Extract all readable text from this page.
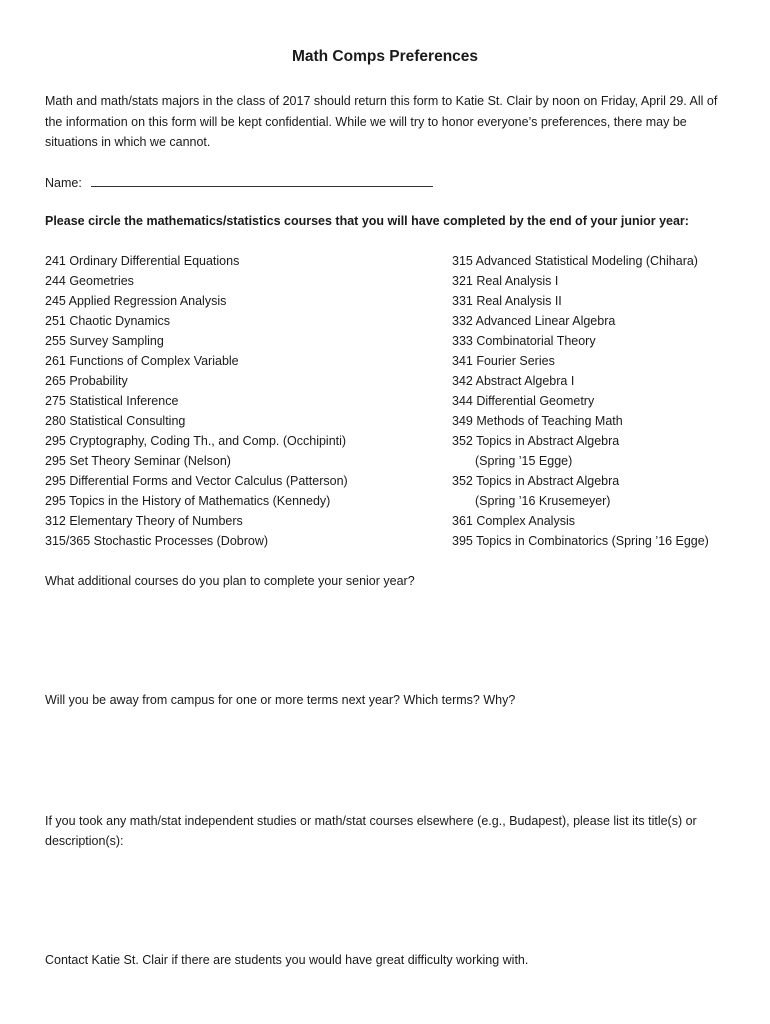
Math Comps Preferences
Math and math/stats majors in the class of 2017 should return this form to Katie St. Clair by noon on Friday, April 29. All of the information on this form will be kept confidential. While we will try to honor everyone’s preferences, there may be situations in which we cannot.
Name:
Please circle the mathematics/statistics courses that you will have completed by the end of your junior year:
241 Ordinary Differential Equations
244 Geometries
245 Applied Regression Analysis
251 Chaotic Dynamics
255 Survey Sampling
261 Functions of Complex Variable
265 Probability
275 Statistical Inference
280 Statistical Consulting
295 Cryptography, Coding Th., and Comp. (Occhipinti)
295 Set Theory Seminar (Nelson)
295 Differential Forms and Vector Calculus (Patterson)
295 Topics in the History of Mathematics (Kennedy)
312 Elementary Theory of Numbers
315/365 Stochastic Processes (Dobrow)
315 Advanced Statistical Modeling (Chihara)
321 Real Analysis I
331 Real Analysis II
332 Advanced Linear Algebra
333 Combinatorial Theory
341 Fourier Series
342 Abstract Algebra I
344 Differential Geometry
349 Methods of Teaching Math
352 Topics in Abstract Algebra
(Spring ’15 Egge)
352 Topics in Abstract Algebra
(Spring ’16 Krusemeyer)
361 Complex Analysis
395 Topics in Combinatorics (Spring ’16 Egge)
What additional courses do you plan to complete your senior year?
Will you be away from campus for one or more terms next year? Which terms? Why?
If you took any math/stat independent studies or math/stat courses elsewhere (e.g., Budapest), please list its title(s) or description(s):
Contact Katie St. Clair if there are students you would have great difficulty working with.
